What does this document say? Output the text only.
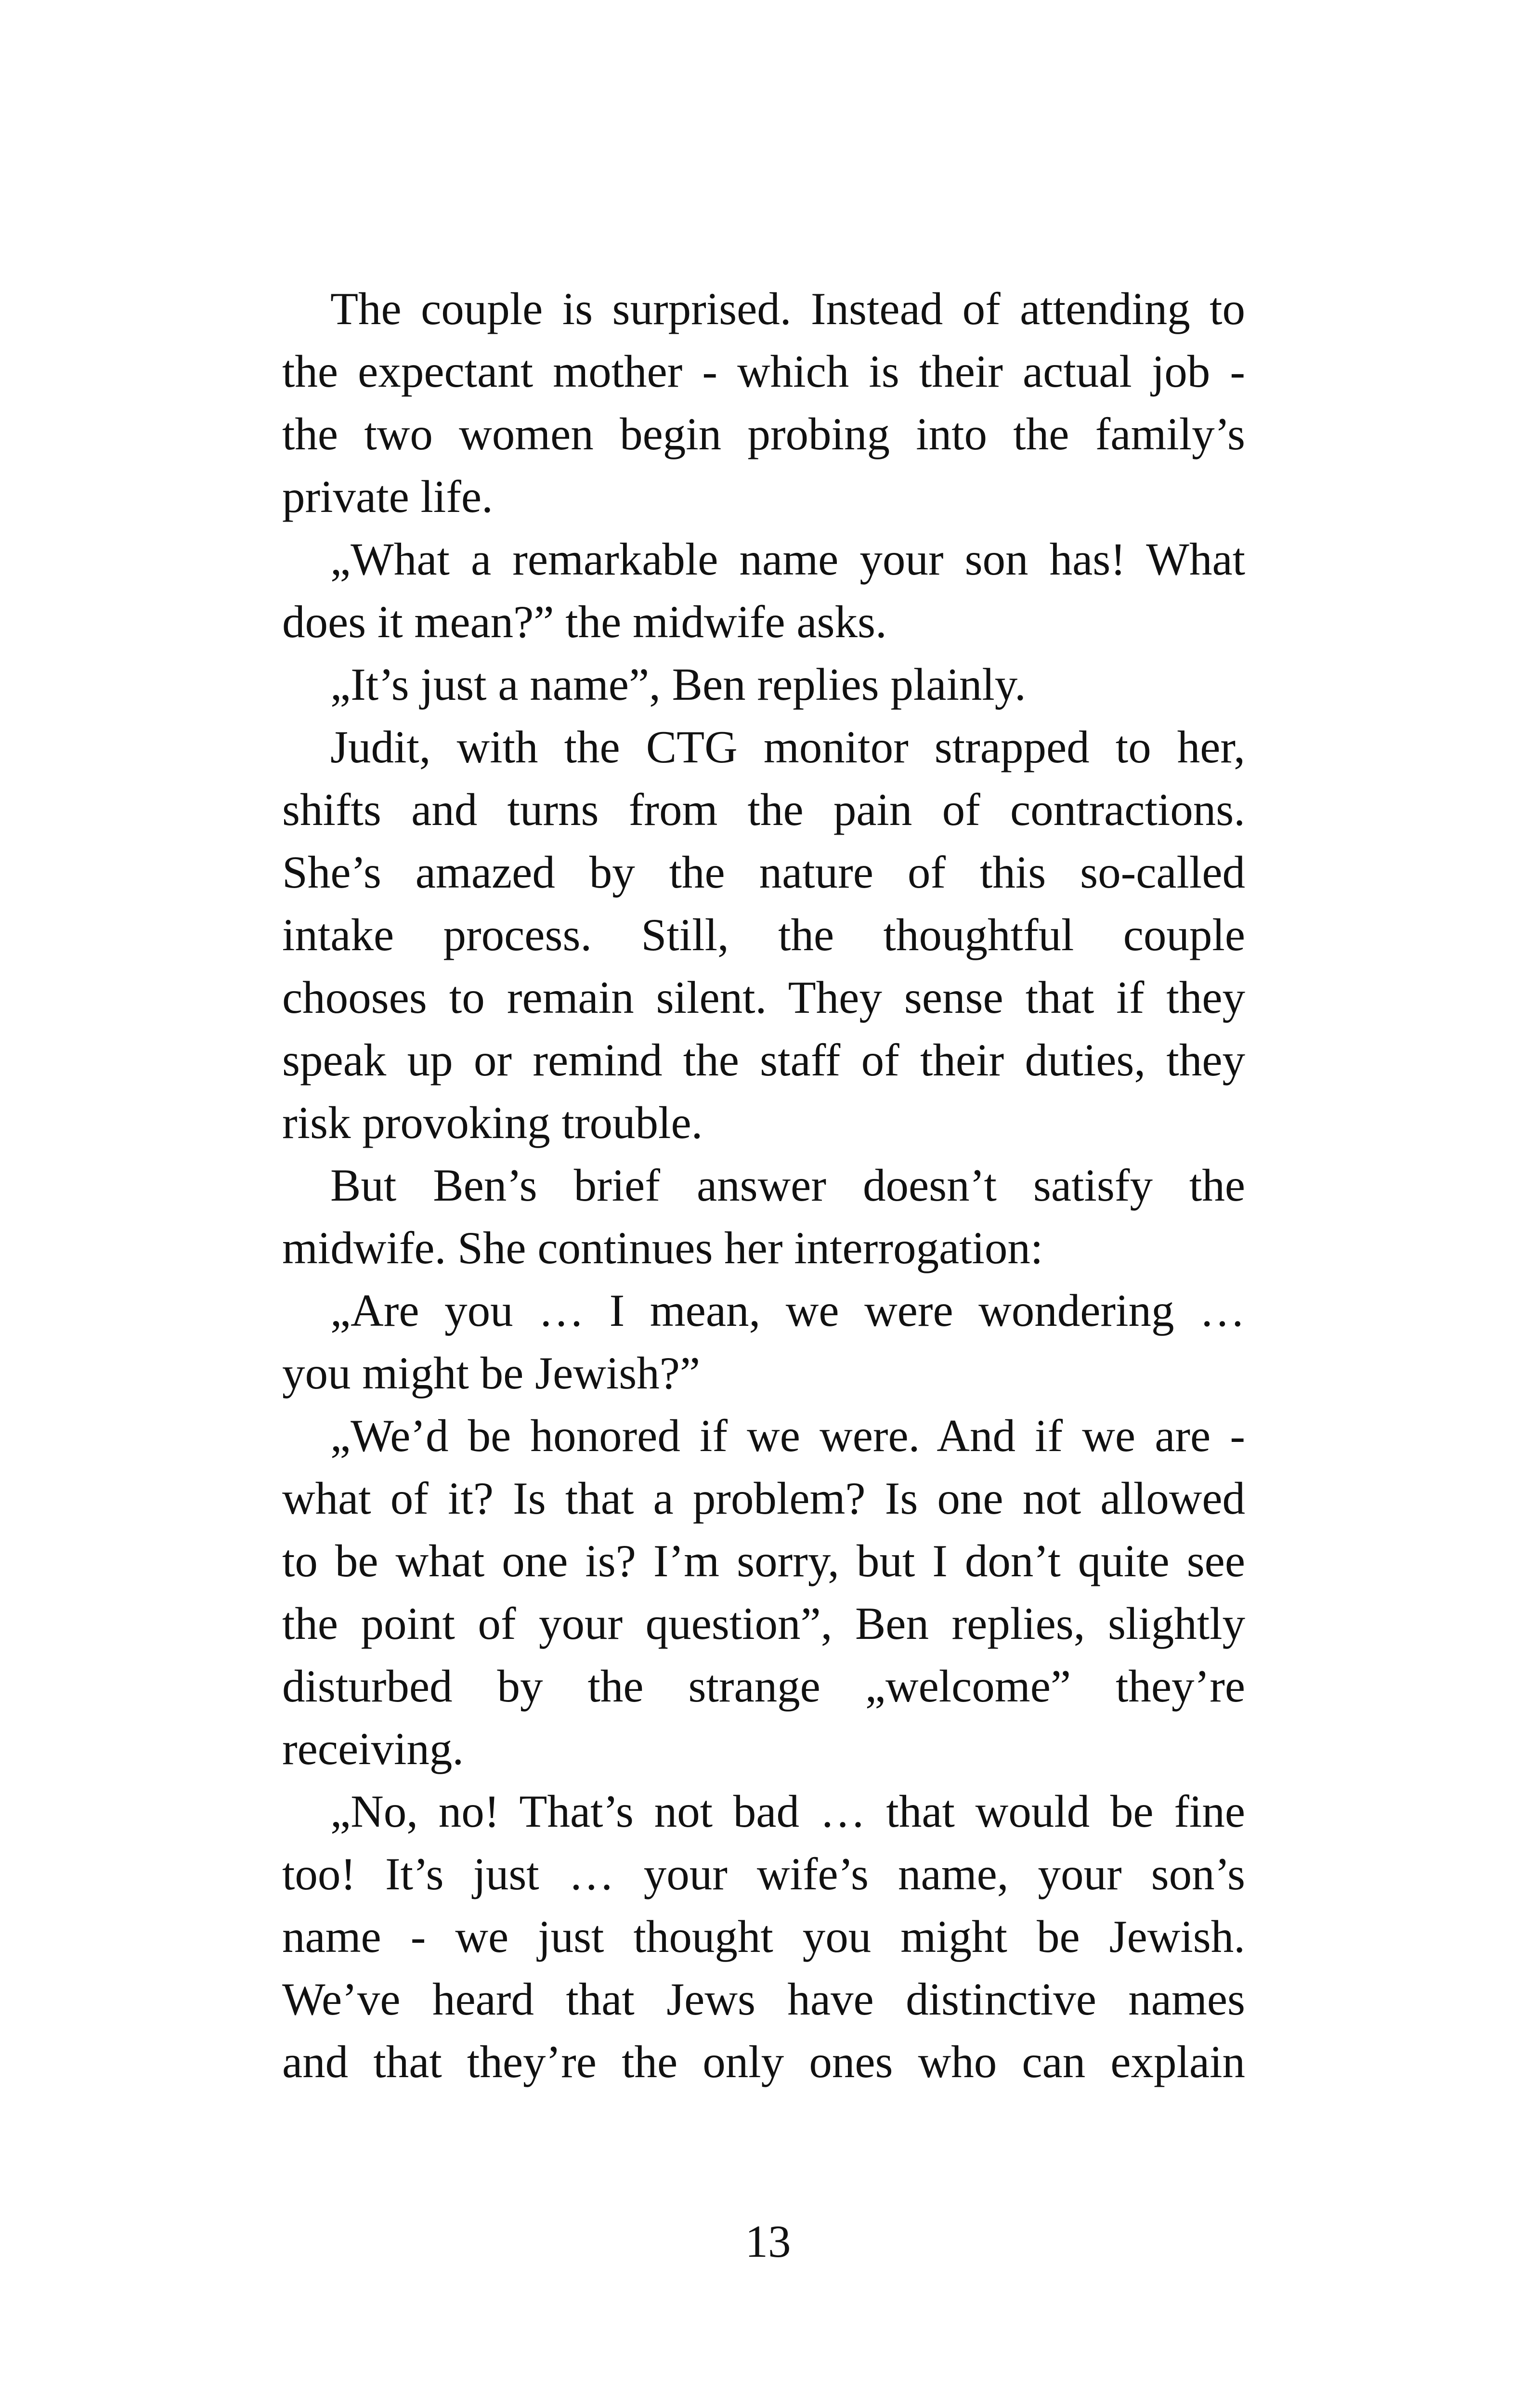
The couple is surprised. Instead of attending to
the expectant mother - which is their actual job -
the two women begin probing into the family’s
private life.
„What a remarkable name your son has! What
does it mean?” the midwife asks.
„It’s just a name”, Ben replies plainly.
Judit, with the CTG monitor strapped to her,
shifts and turns from the pain of contractions.
She’s amazed by the nature of this so-called
intake process. Still, the thoughtful couple
chooses to remain silent. They sense that if they
speak up or remind the staff of their duties, they
risk provoking trouble.
But Ben’s brief answer doesn’t satisfy the
midwife. She continues her interrogation:
„Are you … I mean, we were wondering …
you might be Jewish?”
„We’d be honored if we were. And if we are -
what of it? Is that a problem? Is one not allowed
to be what one is? I’m sorry, but I don’t quite see
the point of your question”, Ben replies, slightly
disturbed by the strange „welcome” they’re
receiving.
„No, no! That’s not bad … that would be fine
too! It’s just … your wife’s name, your son’s
name - we just thought you might be Jewish.
We’ve heard that Jews have distinctive names
and that they’re the only ones who can explain
13
